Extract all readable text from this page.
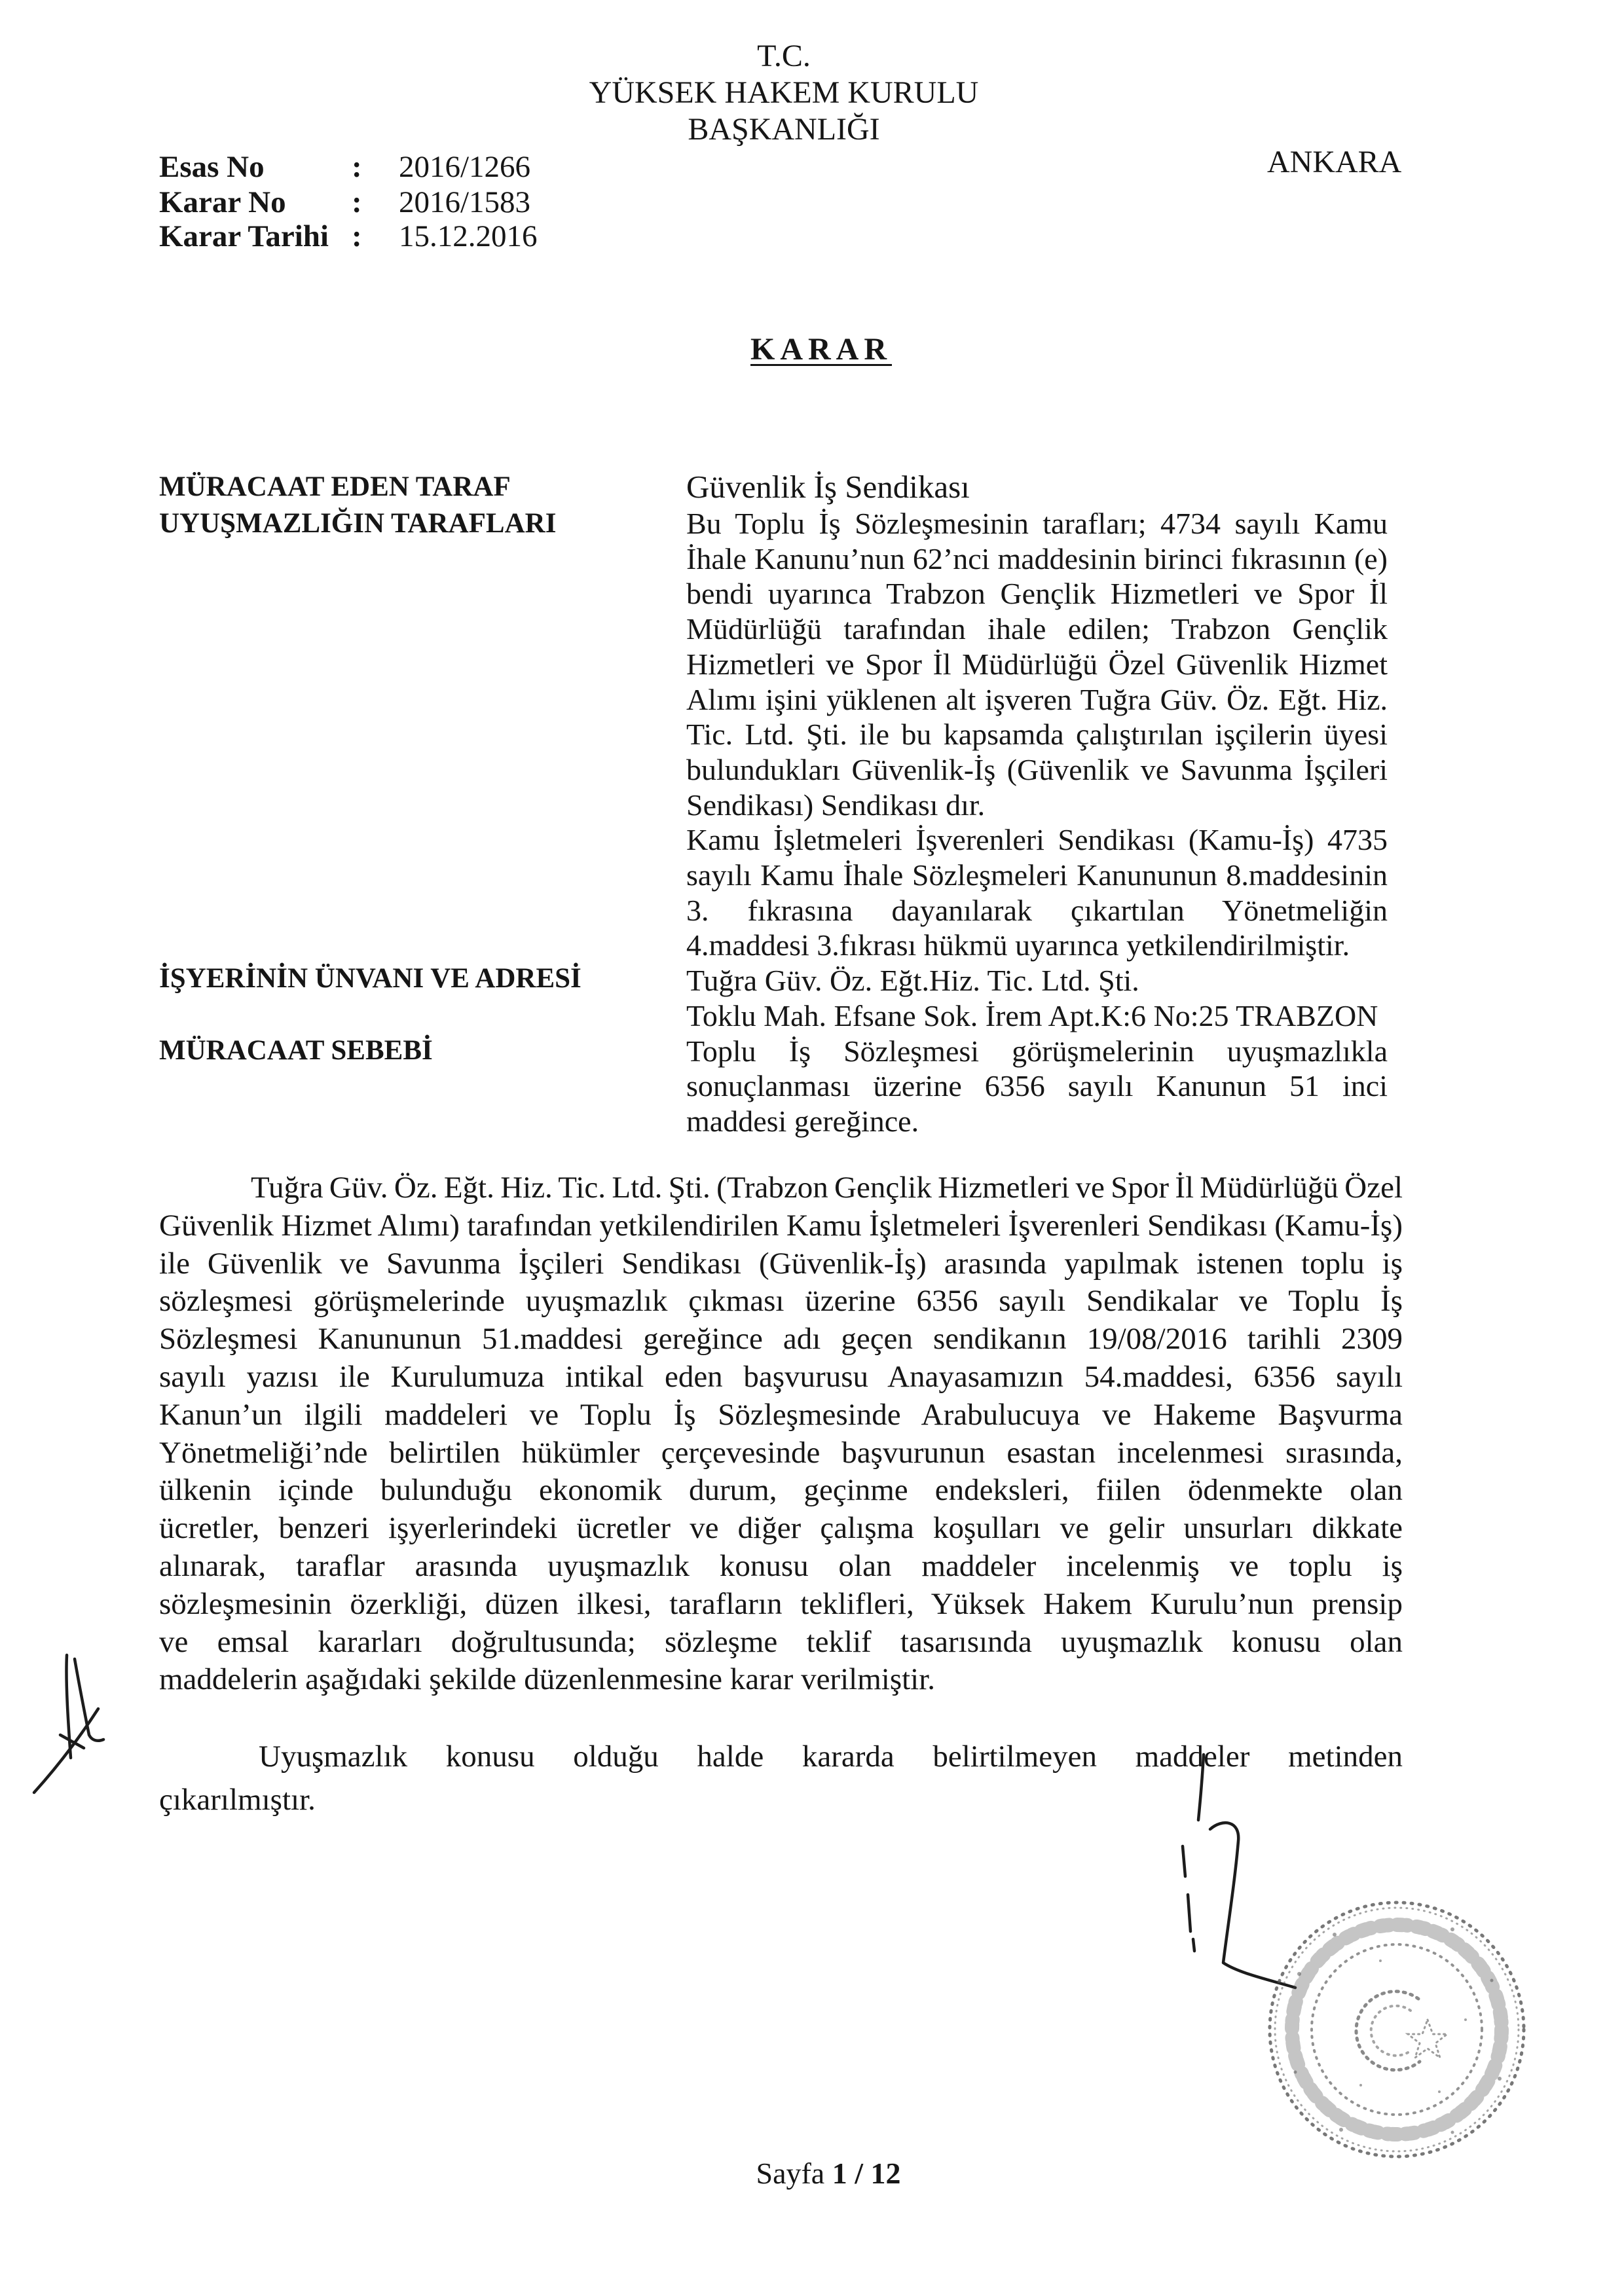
T.C.
YÜKSEK HAKEM KURULU
BAŞKANLIĞI
ANKARA
Esas No	: 2016/1266
Karar No : 2016/1583
Karar Tarihi : 15.12.2016
KARAR
MÜRACAAT EDEN TARAF
UYUŞMAZLIĞIN TARAFLARI
İŞYERİNİN ÜNVANI VE ADRESİ
MÜRACAAT SEBEBİ
Güvenlik İş Sendikası
Bu Toplu İş Sözleşmesinin tarafları; 4734 sayılı Kamu
İhale Kanunu’nun 62’nci maddesinin birinci fıkrasının (e)
bendi uyarınca Trabzon Gençlik Hizmetleri ve Spor İl
Müdürlüğü tarafından ihale edilen; Trabzon Gençlik
Hizmetleri ve Spor İl Müdürlüğü Özel Güvenlik Hizmet
Alımı işini yüklenen alt işveren Tuğra Güv. Öz. Eğt. Hiz.
Tic. Ltd. Şti. ile bu kapsamda çalıştırılan işçilerin üyesi
bulundukları Güvenlik-İş (Güvenlik ve Savunma İşçileri
Sendikası) Sendikası dır.
Kamu İşletmeleri İşverenleri Sendikası (Kamu-İş) 4735
sayılı Kamu İhale Sözleşmeleri Kanununun 8.maddesinin
3. fıkrasına dayanılarak çıkartılan Yönetmeliğin
4.maddesi 3.fıkrası hükmü uyarınca yetkilendirilmiştir.
Tuğra Güv. Öz. Eğt.Hiz. Tic. Ltd. Şti.
Toklu Mah. Efsane Sok. İrem Apt.K:6 No:25 TRABZON
Toplu İş Sözleşmesi görüşmelerinin uyuşmazlıkla
sonuçlanması üzerine 6356 sayılı Kanunun 51 inci
maddesi gereğince.
Tuğra Güv. Öz. Eğt. Hiz. Tic. Ltd. Şti. (Trabzon Gençlik Hizmetleri ve Spor İl Müdürlüğü Özel
Güvenlik Hizmet Alımı) tarafından yetkilendirilen Kamu İşletmeleri İşverenleri Sendikası (Kamu-İş)
ile Güvenlik ve Savunma İşçileri Sendikası (Güvenlik-İş) arasında yapılmak istenen toplu iş
sözleşmesi görüşmelerinde uyuşmazlık çıkması üzerine 6356 sayılı Sendikalar ve Toplu İş
Sözleşmesi Kanununun 51.maddesi gereğince adı geçen sendikanın 19/08/2016 tarihli 2309
sayılı yazısı ile Kurulumuza intikal eden başvurusu Anayasamızın 54.maddesi, 6356 sayılı
Kanun’un ilgili maddeleri ve Toplu İş Sözleşmesinde Arabulucuya ve Hakeme Başvurma
Yönetmeliği’nde belirtilen hükümler çerçevesinde başvurunun esastan incelenmesi sırasında,
ülkenin içinde bulunduğu ekonomik durum, geçinme endeksleri, fiilen ödenmekte olan
ücretler, benzeri işyerlerindeki ücretler ve diğer çalışma koşulları ve gelir unsurları dikkate
alınarak, taraflar arasında uyuşmazlık konusu olan maddeler incelenmiş ve toplu iş
sözleşmesinin özerkliği, düzen ilkesi, tarafların teklifleri, Yüksek Hakem Kurulu’nun prensip
ve emsal kararları doğrultusunda; sözleşme teklif tasarısında uyuşmazlık konusu olan
maddelerin aşağıdaki şekilde düzenlenmesine karar verilmiştir.
Uyuşmazlık konusu olduğu halde kararda belirtilmeyen maddeler metinden
çıkarılmıştır.
Sayfa 1 / 12
